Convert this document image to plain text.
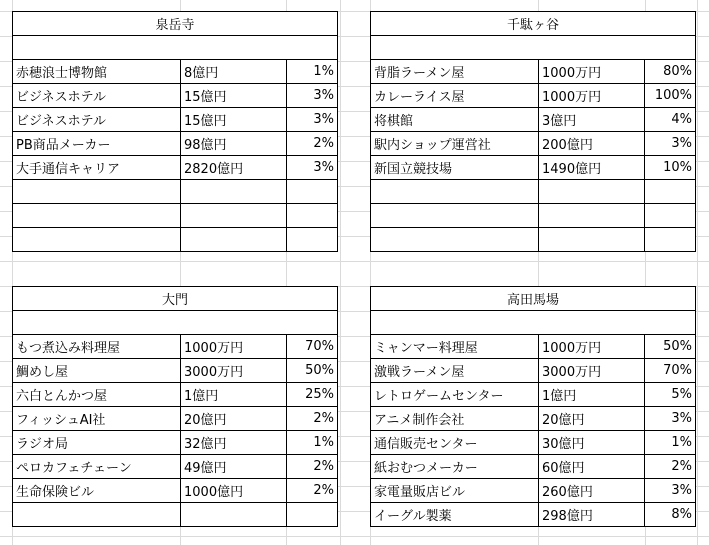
泉岳寺		

赤穂浪士博物館	8億円	1%
ビジネスホテル	15億円	3%
ビジネスホテル	15億円	3%
PB商品メーカー	98億円	2%
大手通信キャリア	2820億円	3%

千駄ヶ谷		

背脂ラーメン屋	1000万円	80%
カレーライス屋	1000万円	100%
将棋館	3億円	4%
駅内ショップ運営社	200億円	3%
新国立競技場	1490億円	10%

大門		

もつ煮込み料理屋	1000万円	70%
鯛めし屋	3000万円	50%
六白とんかつ屋	1億円	25%
フィッシュAI社	20億円	2%
ラジオ局	32億円	1%
ペロカフェチェーン	49億円	2%
生命保険ビル	1000億円	2%

高田馬場		

ミャンマー料理屋	1000万円	50%
激戦ラーメン屋	3000万円	70%
レトロゲームセンター	1億円	5%
アニメ制作会社	20億円	3%
通信販売センター	30億円	1%
紙おむつメーカー	60億円	2%
家電量販店ビル	260億円	3%
イーグル製薬	298億円	8%
